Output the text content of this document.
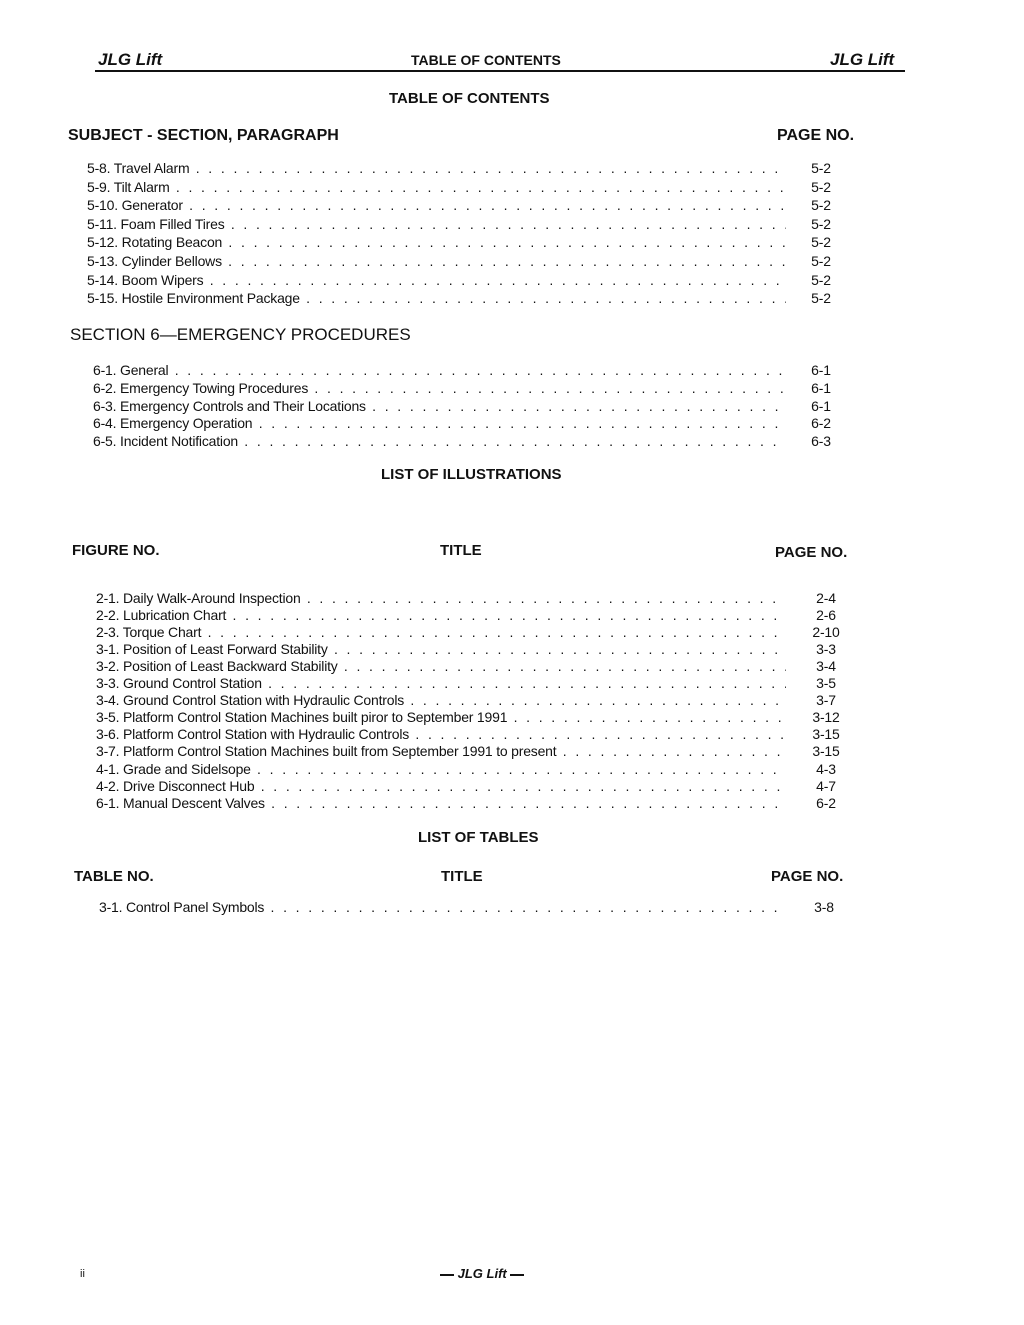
JLG Lift	TABLE OF CONTENTS	JLG Lift
TABLE OF CONTENTS
SUBJECT - SECTION, PARAGRAPH	PAGE NO.
5-8. Travel Alarm . . .	5-2
5-9. Tilt Alarm . . .	5-2
5-10. Generator . . .	5-2
5-11. Foam Filled Tires . . .	5-2
5-12. Rotating Beacon . . .	5-2
5-13. Cylinder Bellows . . .	5-2
5-14. Boom Wipers . . .	5-2
5-15. Hostile Environment Package . . .	5-2
SECTION 6—EMERGENCY PROCEDURES
6-1. General . . .	6-1
6-2. Emergency Towing Procedures . . .	6-1
6-3. Emergency Controls and Their Locations . . .	6-1
6-4. Emergency Operation . . .	6-2
6-5. Incident Notification . . .	6-3
LIST OF ILLUSTRATIONS
FIGURE NO.	TITLE	PAGE NO.
2-1. Daily Walk-Around Inspection . . .	2-4
2-2. Lubrication Chart . . .	2-6
2-3. Torque Chart . . .	2-10
3-1. Position of Least Forward Stability . . .	3-3
3-2. Position of Least Backward Stability . . .	3-4
3-3. Ground Control Station . . .	3-5
3-4. Ground Control Station with Hydraulic Controls . . .	3-7
3-5. Platform Control Station Machines built piror to September 1991 . . .	3-12
3-6. Platform Control Station with Hydraulic Controls . . .	3-15
3-7. Platform Control Station Machines built from September 1991 to present . . .	3-15
4-1. Grade and Sidelsope . . .	4-3
4-2. Drive Disconnect Hub . . .	4-7
6-1. Manual Descent Valves . . .	6-2
LIST OF TABLES
TABLE NO.	TITLE	PAGE NO.
3-1. Control Panel Symbols . . .	3-8
ii	JLG Lift
